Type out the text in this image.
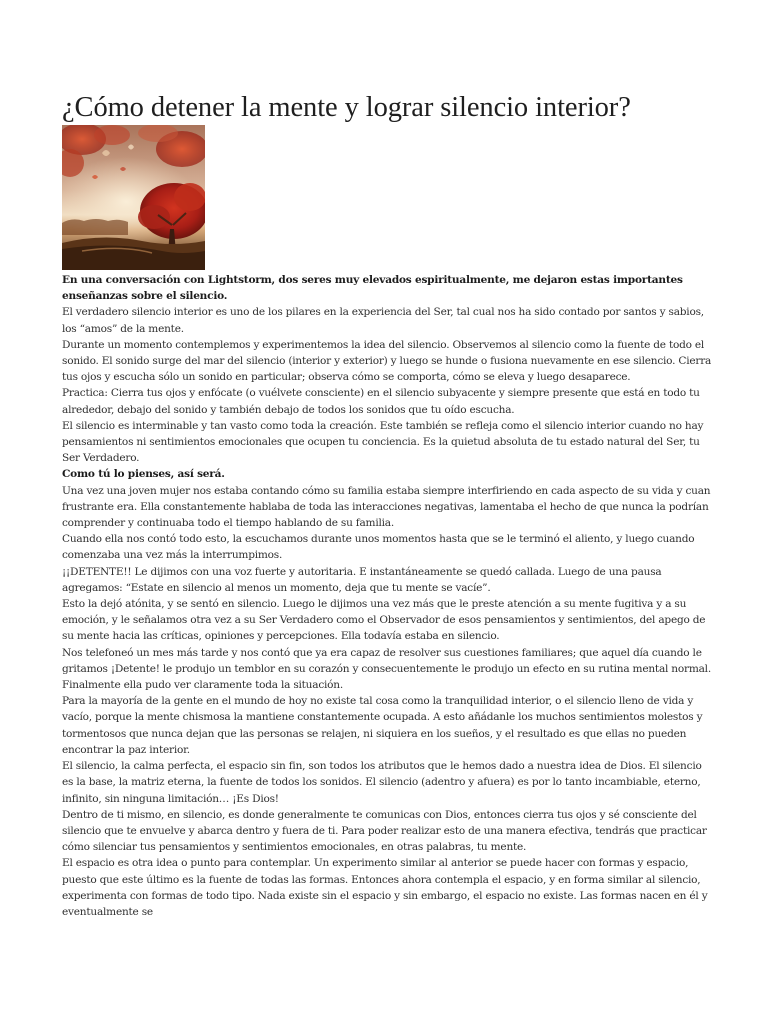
¿Cómo detener la mente y lograr silencio interior?

En una conversación con Lightstorm, dos seres muy elevados espiritualmente, me dejaron estas importantes enseñanzas sobre el silencio.

El verdadero silencio interior es uno de los pilares en la experiencia del Ser, tal cual nos ha sido contado por santos y sabios, los “amos” de la mente.

Durante un momento contemplemos y experimentemos la idea del silencio. Observemos al silencio como la fuente de todo el sonido. El sonido surge del mar del silencio (interior y exterior) y luego se hunde o fusiona nuevamente en ese silencio. Cierra tus ojos y escucha sólo un sonido en particular; observa cómo se comporta, cómo se eleva y luego desaparece.

Practica: Cierra tus ojos y enfócate (o vuélvete consciente) en el silencio subyacente y siempre presente que está en todo tu alrededor, debajo del sonido y también debajo de todos los sonidos que tu oído escucha.

El silencio es interminable y tan vasto como toda la creación. Este también se refleja como el silencio interior cuando no hay pensamientos ni sentimientos emocionales que ocupen tu conciencia. Es la quietud absoluta de tu estado natural del Ser, tu Ser Verdadero.

Como tú lo pienses, así será.

Una vez una joven mujer nos estaba contando cómo su familia estaba siempre interfiriendo en cada aspecto de su vida y cuan frustrante era. Ella constantemente hablaba de toda las interacciones negativas, lamentaba el hecho de que nunca la podrían comprender y continuaba todo el tiempo hablando de su familia.

Cuando ella nos contó todo esto, la escuchamos durante unos momentos hasta que se le terminó el aliento, y luego cuando comenzaba una vez más la interrumpimos.

¡¡DETENTE!! Le dijimos con una voz fuerte y autoritaria. E instantáneamente se quedó callada. Luego de una pausa agregamos: “Estate en silencio al menos un momento, deja que tu mente se vacíe”.

Esto la dejó atónita, y se sentó en silencio. Luego le dijimos una vez más que le preste atención a su mente fugitiva y a su emoción, y le señalamos otra vez a su Ser Verdadero como el Observador de esos pensamientos y sentimientos, del apego de su mente hacia las críticas, opiniones y percepciones. Ella todavía estaba en silencio.

Nos telefoneó un mes más tarde y nos contó que ya era capaz de resolver sus cuestiones familiares; que aquel día cuando le gritamos ¡Detente! le produjo un temblor en su corazón y consecuentemente le produjo un efecto en su rutina mental normal. Finalmente ella pudo ver claramente toda la situación.

Para la mayoría de la gente en el mundo de hoy no existe tal cosa como la tranquilidad interior, o el silencio lleno de vida y vacío, porque la mente chismosa la mantiene constantemente ocupada. A esto añádanle los muchos sentimientos molestos y tormentosos que nunca dejan que las personas se relajen, ni siquiera en los sueños, y el resultado es que ellas no pueden encontrar la paz interior.

El silencio, la calma perfecta, el espacio sin fin, son todos los atributos que le hemos dado a nuestra idea de Dios. El silencio es la base, la matriz eterna, la fuente de todos los sonidos. El silencio (adentro y afuera) es por lo tanto incambiable, eterno, infinito, sin ninguna limitación… ¡Es Dios!

Dentro de ti mismo, en silencio, es donde generalmente te comunicas con Dios, entonces cierra tus ojos y sé consciente del silencio que te envuelve y abarca dentro y fuera de ti. Para poder realizar esto de una manera efectiva, tendrás que practicar cómo silenciar tus pensamientos y sentimientos emocionales, en otras palabras, tu mente.

El espacio es otra idea o punto para contemplar. Un experimento similar al anterior se puede hacer con formas y espacio, puesto que este último es la fuente de todas las formas. Entonces ahora contempla el espacio, y en forma similar al silencio, experimenta con formas de todo tipo. Nada existe sin el espacio y sin embargo, el espacio no existe. Las formas nacen en él y eventualmente se
